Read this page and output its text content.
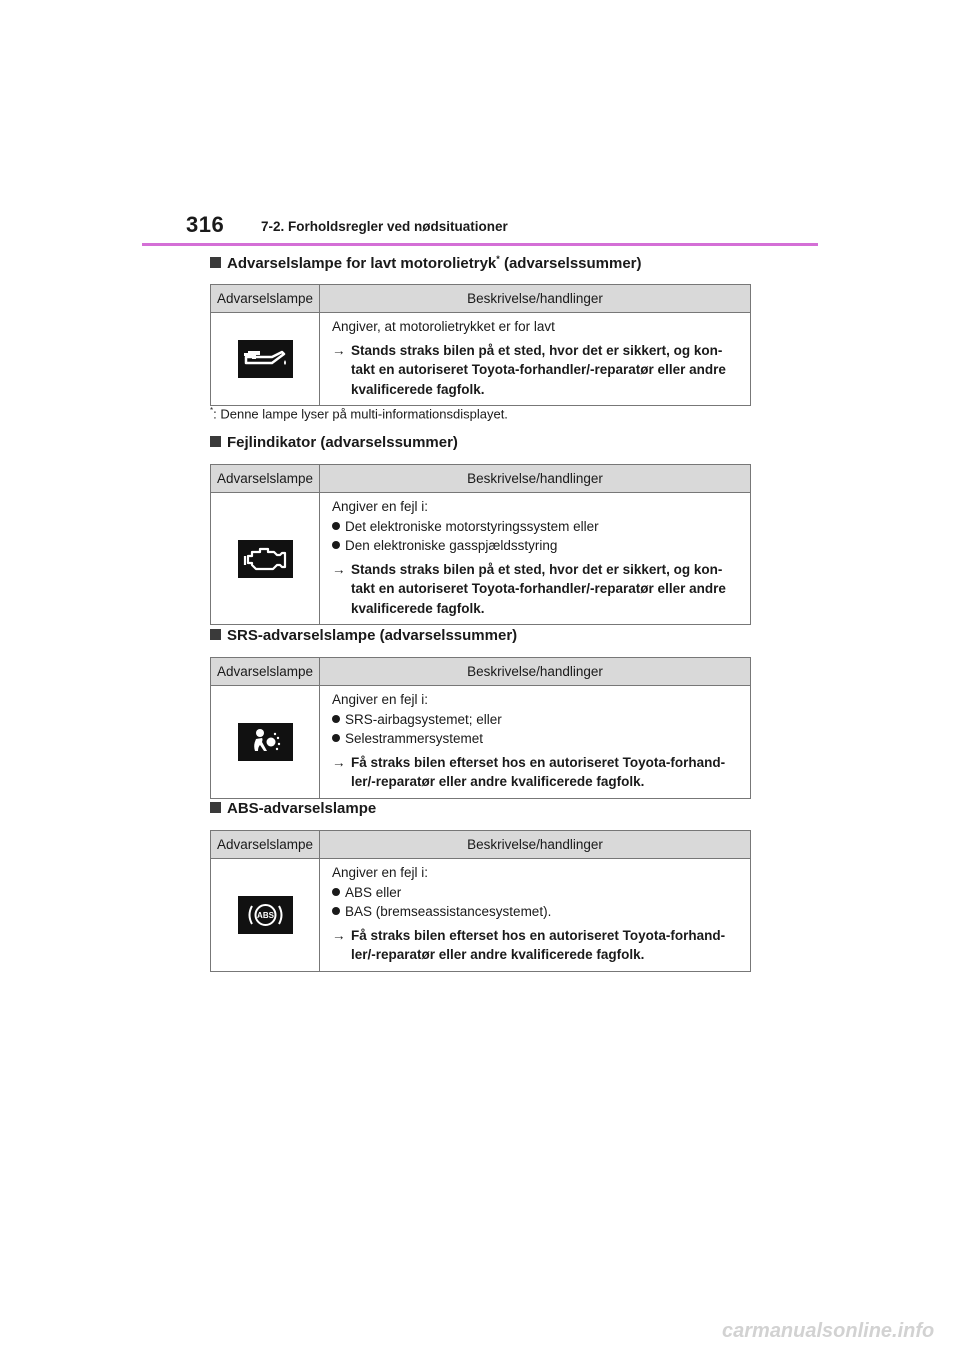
316	7-2. Forholdsregler ved nødsituationer
Advarselslampe for lavt motorolietryk* (advarselssummer)
Advarselslampe	Beskrivelse/handlinger

Angiver, at motorolietrykket er for lavt
→ Stands straks bilen på et sted, hvor det er sikkert, og kon-takt en autoriseret Toyota-forhandler/-reparatør eller andre kvalificerede fagfolk.
*: Denne lampe lyser på multi-informationsdisplayet.
Fejlindikator (advarselssummer)
Advarselslampe	Beskrivelse/handlinger

Angiver en fejl i:
Det elektroniske motorstyringssystem eller
Den elektroniske gasspjældsstyring
→ Stands straks bilen på et sted, hvor det er sikkert, og kon-takt en autoriseret Toyota-forhandler/-reparatør eller andre kvalificerede fagfolk.
SRS-advarselslampe (advarselssummer)
Advarselslampe	Beskrivelse/handlinger

Angiver en fejl i:
SRS-airbagsystemet; eller
Selestrammersystemet
→ Få straks bilen efterset hos en autoriseret Toyota-forhand-ler/-reparatør eller andre kvalificerede fagfolk.
ABS-advarselslampe
Advarselslampe	Beskrivelse/handlinger

ABS	Angiver en fejl i:
ABS eller
BAS (bremseassistancesystemet).
→ Få straks bilen efterset hos en autoriseret Toyota-forhand-ler/-reparatør eller andre kvalificerede fagfolk.
carmanualsonline.info
